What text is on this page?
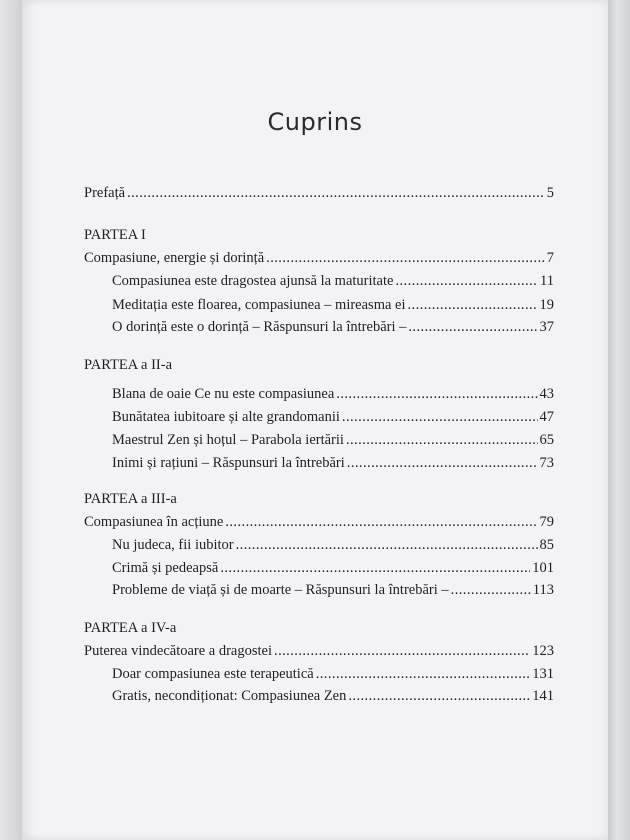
Cuprins
Prefață . . .	5
PARTEA I
Compasiune, energie și dorință . . .	7
Compasiunea este dragostea ajunsă la maturitate . . .	11
Meditația este floarea, compasiunea – mireasma ei . . .	19
O dorință este o dorință – Răspunsuri la întrebări – . . .	37
PARTEA a II-a
Blana de oaie Ce nu este compasiunea . . .	43
Bunătatea iubitoare și alte grandomanii . . .	47
Maestrul Zen și hoțul – Parabola iertării . . .	65
Inimi și rațiuni – Răspunsuri la întrebări . . .	73
PARTEA a III-a
Compasiunea în acțiune . . .	79
Nu judeca, fii iubitor . . .	85
Crimă și pedeapsă . . .	101
Probleme de viață și de moarte – Răspunsuri la întrebări – . . .	113
PARTEA a IV-a
Puterea vindecătoare a dragostei . . .	123
Doar compasiunea este terapeutică . . .	131
Gratis, necondiționat: Compasiunea Zen . . .	141
